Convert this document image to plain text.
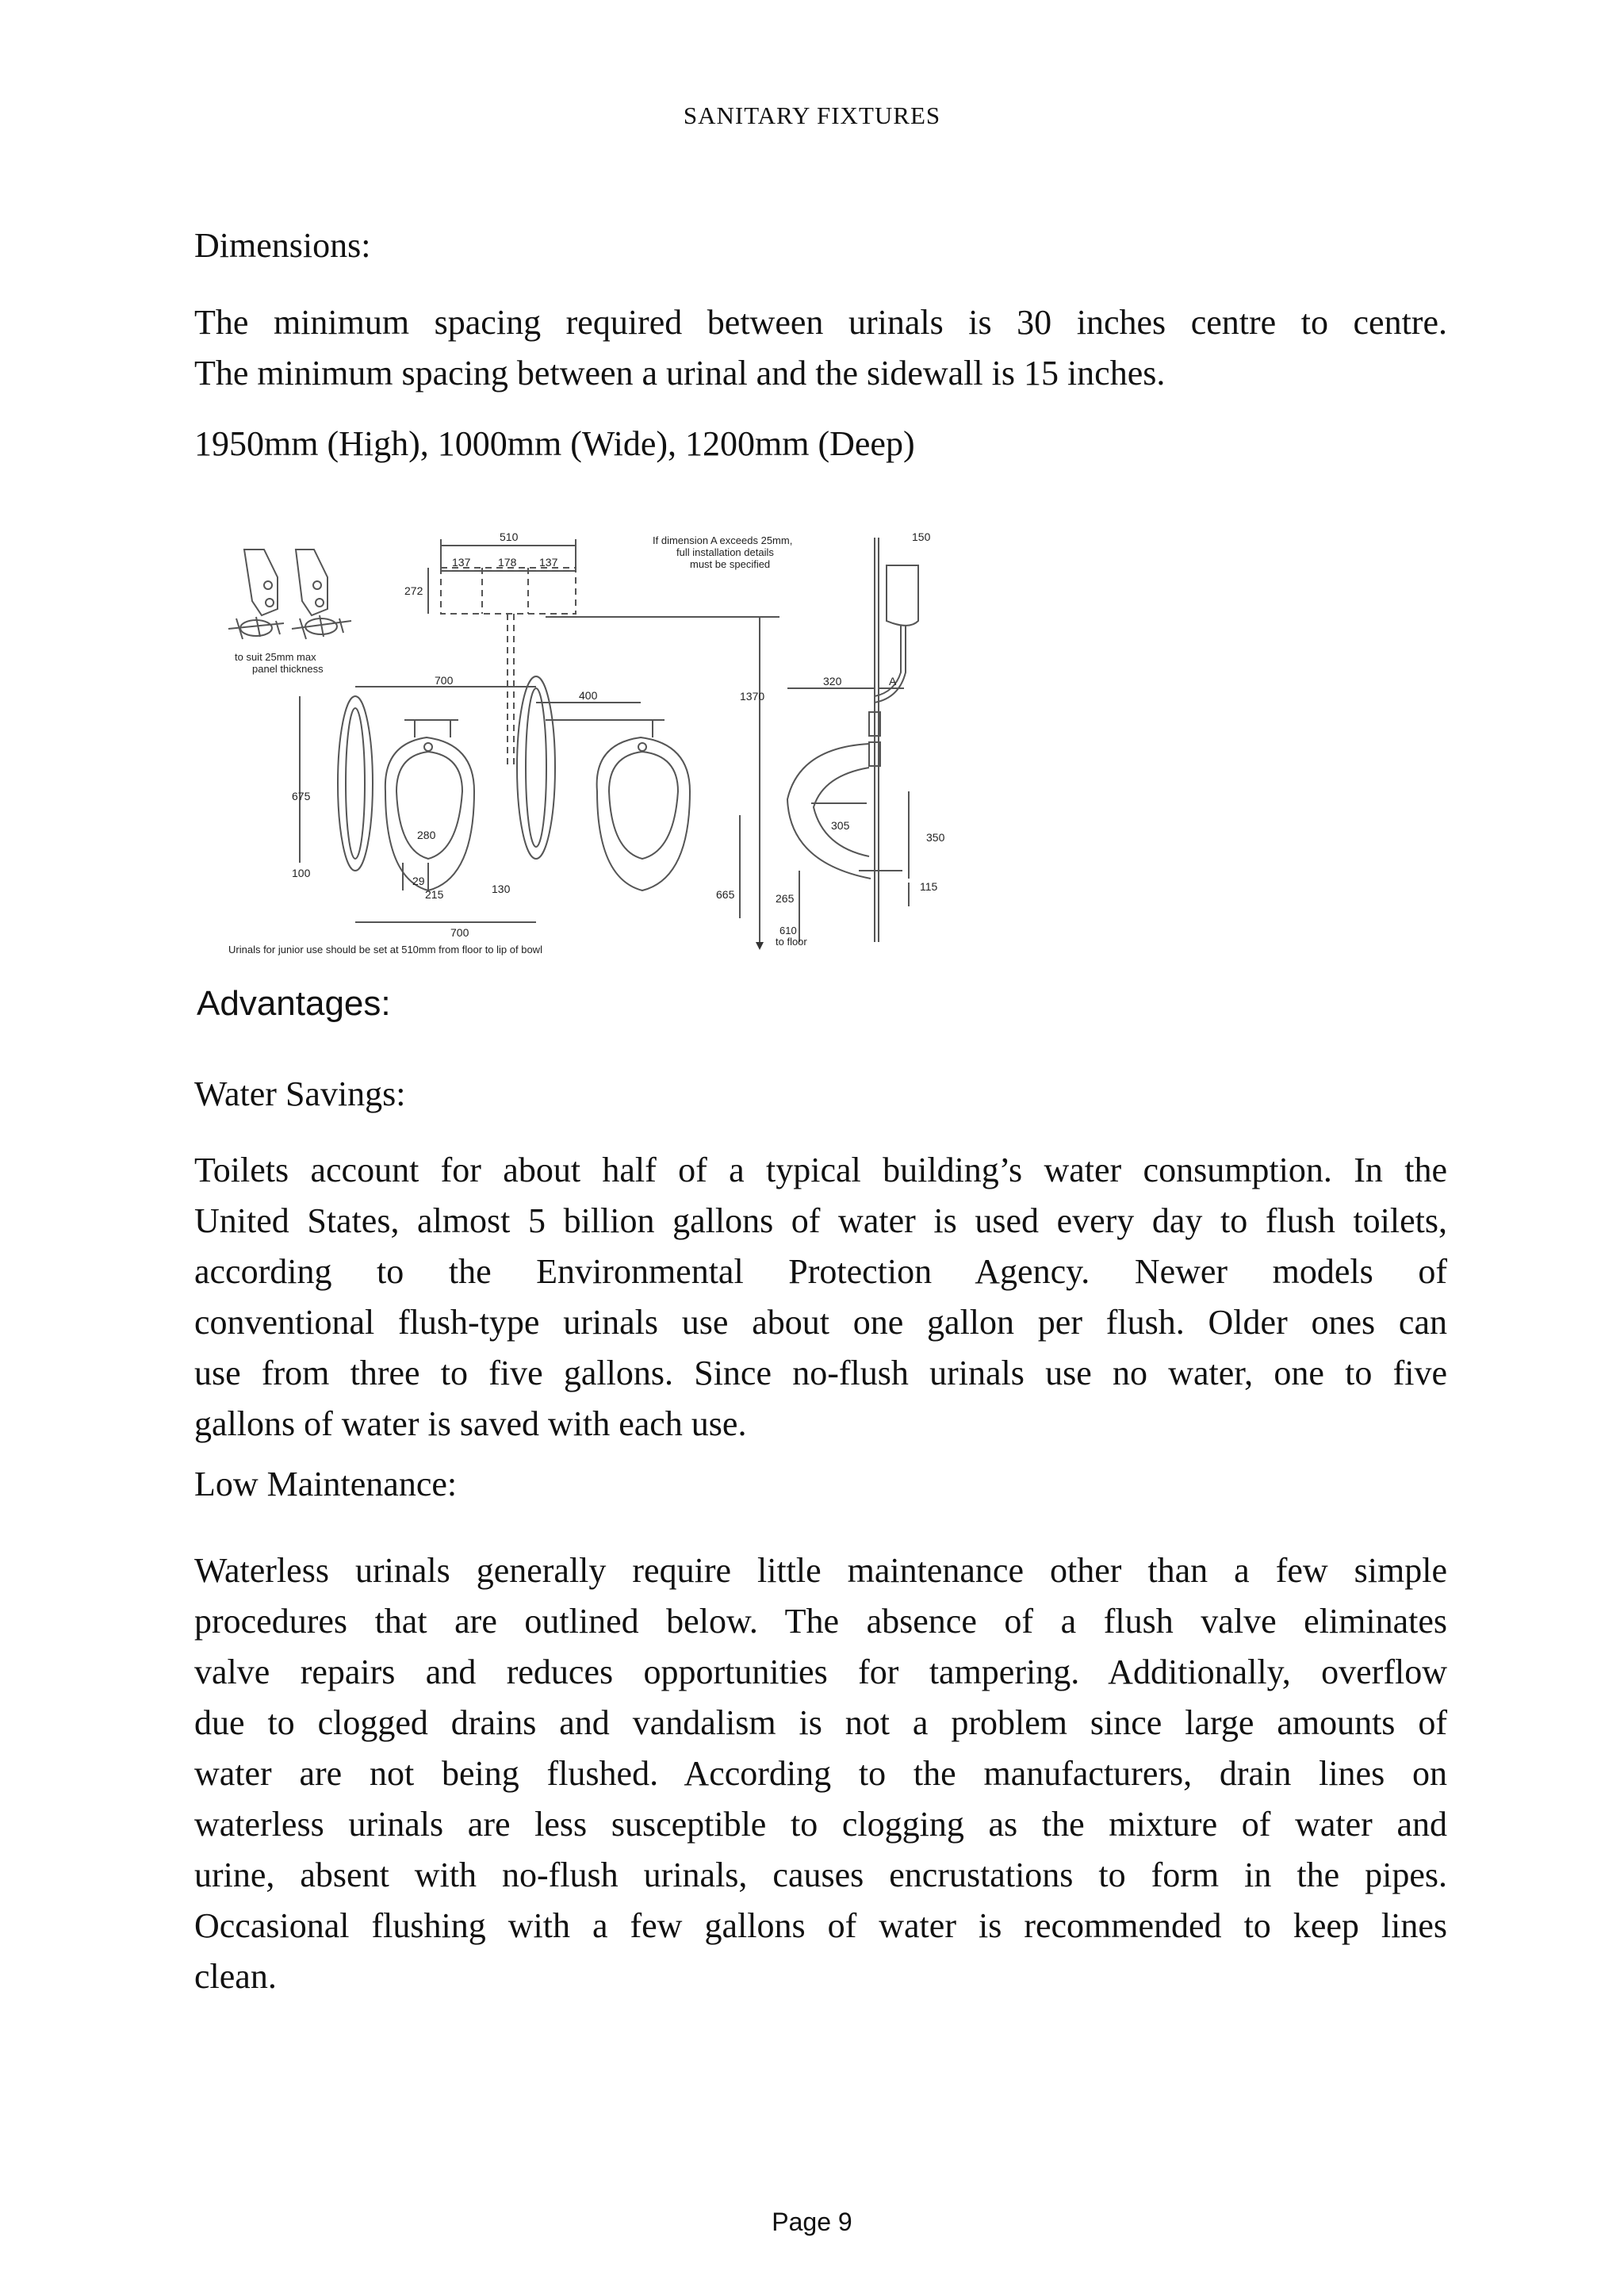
SANITARY FIXTURES

Dimensions:

The minimum spacing required between urinals is 30 inches centre to centre.

The minimum spacing between a urinal and the sidewall is 15 inches.

1950mm (High), 1000mm (Wide), 1200mm (Deep)

510
137 178 137
272
If dimension A exceeds 25mm,
full installation details
must be specified
150
to suit 25mm max
panel thickness
1370
700
400
320	A
675
280
305
350
100
29
215	130	665	265
115
700	610
to floor
Urinals for junior use should be set at 510mm from floor to lip of bowl
Advantages:

Water Savings:

Toilets account for about half of a typical building’s water consumption. In the

United States, almost 5 billion gallons of water is used every day to flush toilets,

according to the Environmental Protection Agency. Newer models of

conventional flush-type urinals use about one gallon per flush. Older ones can

use from three to five gallons. Since no-flush urinals use no water, one to five

gallons of water is saved with each use.

Low Maintenance:

Waterless urinals generally require little maintenance other than a few simple

procedures that are outlined below. The absence of a flush valve eliminates

valve repairs and reduces opportunities for tampering. Additionally, overflow

due to clogged drains and vandalism is not a problem since large amounts of

water are not being flushed. According to the manufacturers, drain lines on

waterless urinals are less susceptible to clogging as the mixture of water and

urine, absent with no-flush urinals, causes encrustations to form in the pipes.

Occasional flushing with a few gallons of water is recommended to keep lines

clean.

Page 9
